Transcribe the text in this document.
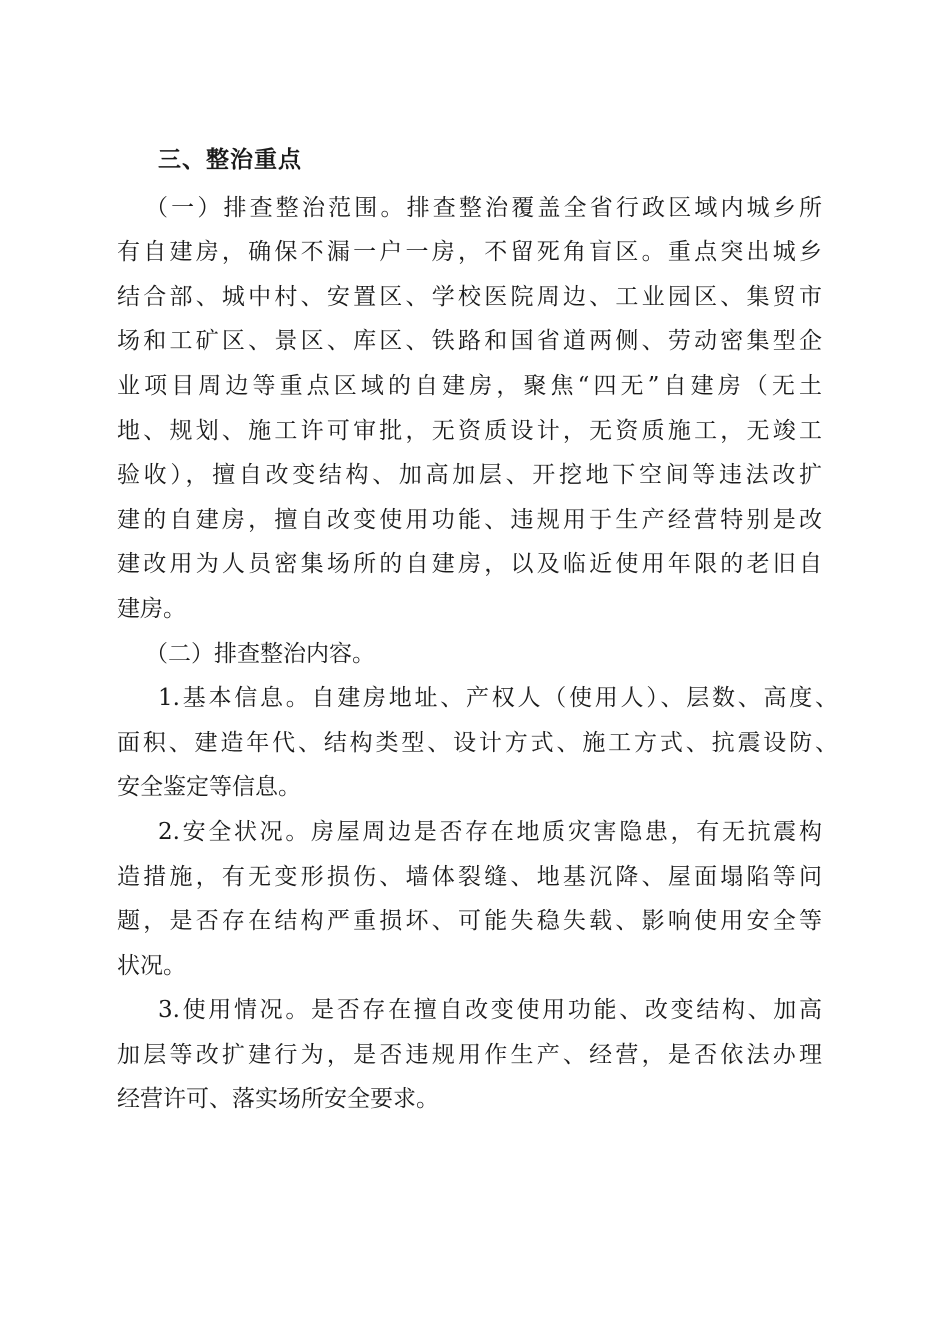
三、整治重点
（一）排查整治范围。排查整治覆盖全省行政区域内城乡所
有自建房，确保不漏一户一房，不留死角盲区。重点突出城乡
结合部、城中村、安置区、学校医院周边、工业园区、集贸市
场和工矿区、景区、库区、铁路和国省道两侧、劳动密集型企
业项目周边等重点区域的自建房，聚焦“四无”自建房（无土
地、规划、施工许可审批，无资质设计，无资质施工，无竣工
验收），擅自改变结构、加高加层、开挖地下空间等违法改扩
建的自建房，擅自改变使用功能、违规用于生产经营特别是改
建改用为人员密集场所的自建房，以及临近使用年限的老旧自
建房。
（二）排查整治内容。
1.基本信息。自建房地址、产权人（使用人）、层数、高度、
面积、建造年代、结构类型、设计方式、施工方式、抗震设防、
安全鉴定等信息。
2.安全状况。房屋周边是否存在地质灾害隐患，有无抗震构
造措施，有无变形损伤、墙体裂缝、地基沉降、屋面塌陷等问
题，是否存在结构严重损坏、可能失稳失载、影响使用安全等
状况。
3.使用情况。是否存在擅自改变使用功能、改变结构、加高
加层等改扩建行为，是否违规用作生产、经营，是否依法办理
经营许可、落实场所安全要求。
